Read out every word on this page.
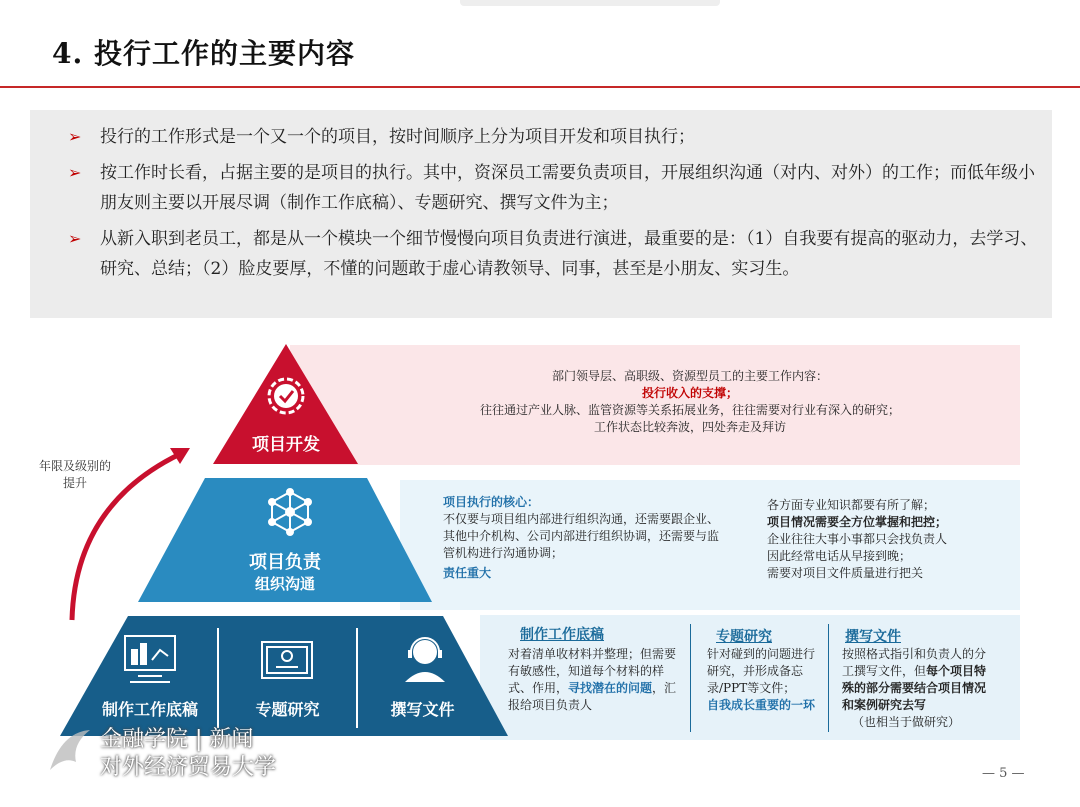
4. 投行工作的主要内容
➢	投行的工作形式是一个又一个的项目，按时间顺序上分为项目开发和项目执行；
➢	按工作时长看，占据主要的是项目的执行。其中，资深员工需要负责项目，开展组织沟通（对内、对外）的工作；而低年级小朋友则主要以开展尽调（制作工作底稿）、专题研究、撰写文件为主；
➢	从新入职到老员工，都是从一个模块一个细节慢慢向项目负责进行演进，最重要的是：（1）自我要有提高的驱动力，去学习、研究、总结；（2）脸皮要厚，不懂的问题敢于虚心请教领导、同事，甚至是小朋友、实习生。
项目开发
项目负责
组织沟通
制作工作底稿	专题研究	撰写文件
年限及级别的提升
部门领导层、高职级、资源型员工的主要工作内容：
投行收入的支撑；
往往通过产业人脉、监管资源等关系拓展业务，往往需要对行业有深入的研究；
工作状态比较奔波，四处奔走及拜访
项目执行的核心：
不仅要与项目组内部进行组织沟通，还需要跟企业、其他中介机构、公司内部进行组织协调，还需要与监管机构进行沟通协调；
责任重大
各方面专业知识都要有所了解；
项目情况需要全方位掌握和把控；
企业往往大事小事都只会找负责人
因此经常电话从早接到晚；
需要对项目文件质量进行把关
制作工作底稿
对着清单收材料并整理；但需要有敏感性，知道每个材料的样式、作用，寻找潜在的问题，汇报给项目负责人
专题研究
针对碰到的问题进行研究，并形成备忘录/PPT等文件；
自我成长重要的一环
撰写文件
按照格式指引和负责人的分工撰写文件，但每个项目特殊的部分需要结合项目情况和案例研究去写
（也相当于做研究）
金融学院 | 新闻
对外经济贸易大学	— 5 —
